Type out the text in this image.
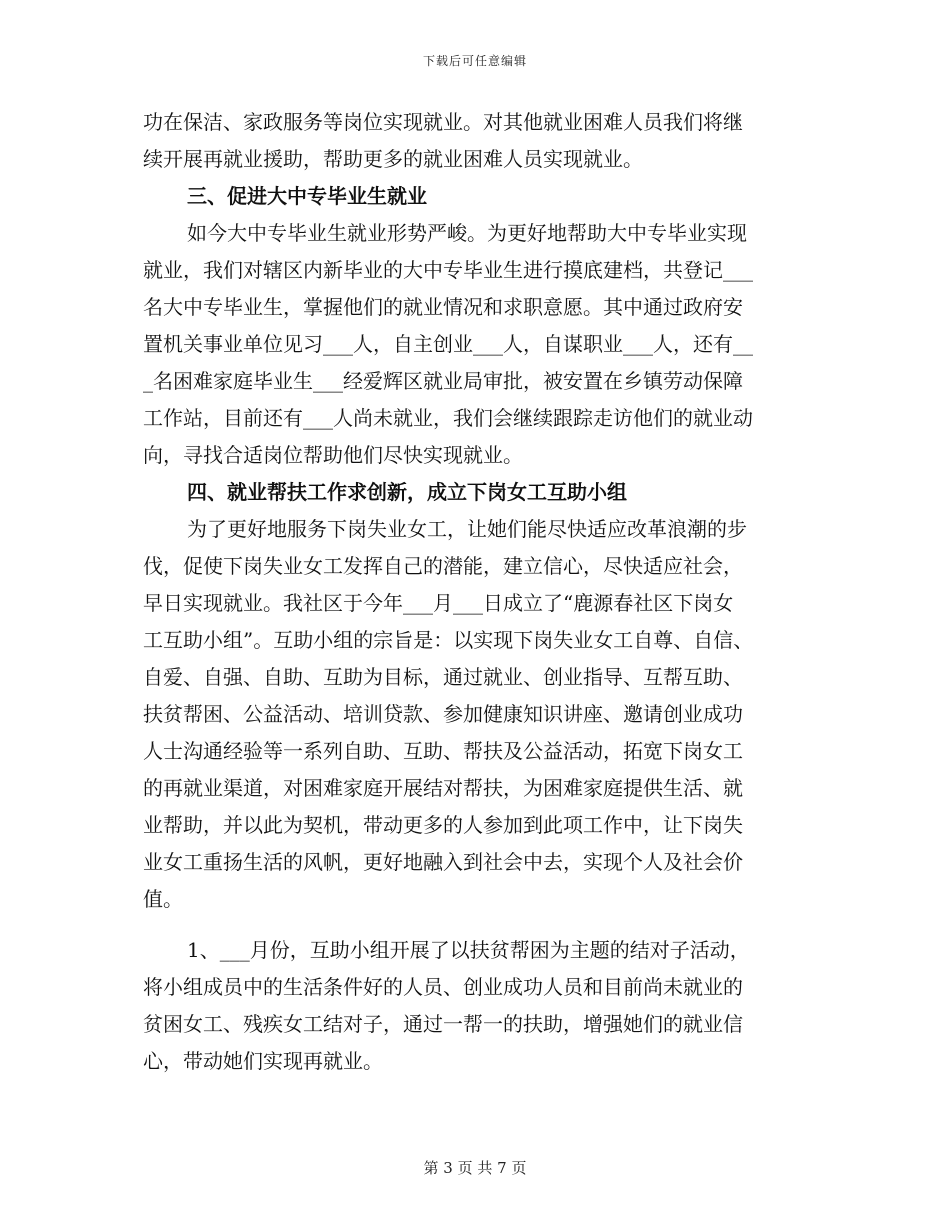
下载后可任意编辑
功在保洁、家政服务等岗位实现就业。对其他就业困难人员我们将继
续开展再就业援助，帮助更多的就业困难人员实现就业。
三、促进大中专毕业生就业
如今大中专毕业生就业形势严峻。为更好地帮助大中专毕业实现
就业，我们对辖区内新毕业的大中专毕业生进行摸底建档，共登记___
名大中专毕业生，掌握他们的就业情况和求职意愿。其中通过政府安
置机关事业单位见习___人，自主创业___人，自谋职业___人，还有__
_名困难家庭毕业生___经爱辉区就业局审批，被安置在乡镇劳动保障
工作站，目前还有___人尚未就业，我们会继续跟踪走访他们的就业动
向，寻找合适岗位帮助他们尽快实现就业。
四、就业帮扶工作求创新，成立下岗女工互助小组
为了更好地服务下岗失业女工，让她们能尽快适应改革浪潮的步
伐，促使下岗失业女工发挥自己的潜能，建立信心，尽快适应社会，
早日实现就业。我社区于今年___月___日成立了“鹿源春社区下岗女
工互助小组”。互助小组的宗旨是：以实现下岗失业女工自尊、自信、
自爱、自强、自助、互助为目标，通过就业、创业指导、互帮互助、
扶贫帮困、公益活动、培训贷款、参加健康知识讲座、邀请创业成功
人士沟通经验等一系列自助、互助、帮扶及公益活动，拓宽下岗女工
的再就业渠道，对困难家庭开展结对帮扶，为困难家庭提供生活、就
业帮助，并以此为契机，带动更多的人参加到此项工作中，让下岗失
业女工重扬生活的风帆，更好地融入到社会中去，实现个人及社会价
值。
1、___月份，互助小组开展了以扶贫帮困为主题的结对子活动，
将小组成员中的生活条件好的人员、创业成功人员和目前尚未就业的
贫困女工、残疾女工结对子，通过一帮一的扶助，增强她们的就业信
心，带动她们实现再就业。
第 3 页 共 7 页
